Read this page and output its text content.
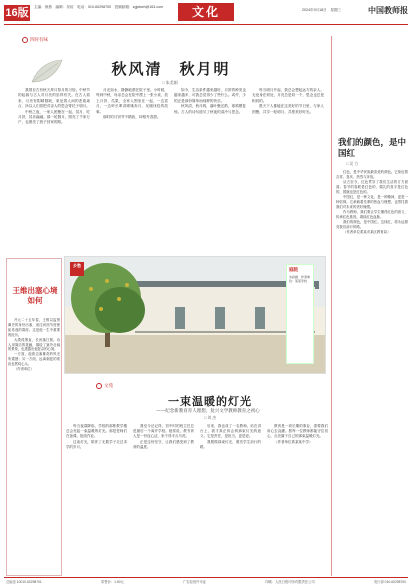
16版	主编：徐燕　编辑：吴培　电话：010-60298700　投稿邮箱：zgjsbwh@163.com	文化	2024年9月18日　星期三	中国教师报
四时有味
秋风清　秋月明
□ 朱美娟

我国自古有秋天拜月祭月的习俗。中秋节的起源与古人对月亮的崇拜有关。在古人看来，月亮有阴晴圆缺，象征着人间的悲欢离合，所以人们常把对亲人的思念寄托于明月。

中秋之夜，一家人团聚在一起，赏月、吃月饼，其乐融融。那一轮圆月，照亮了千家万户，也照亮了游子回家的路。

月光如水，静静地洒在院子里。小时候，每到中秋，母亲总会在院中摆上一张小桌，放上月饼、瓜果，全家人围坐在一起，一边赏月，一边听长辈讲嫦娥奔月、吴刚伐桂的故事。

那时的月饼并不精致，却格外香甜。

如今，生活条件越来越好，月饼的种类也越来越多，可我总觉得少了些什么。或许，少的正是那份简单而纯粹的快乐。

秋风清，秋月明，落叶聚还散，寒鸦栖复惊。古人的诗句道尽了秋夜的清冷与思念。

每当明月升起，我总会想起远方的亲人。无论身在何处，月亮总是同一个，思念也总是相同的。

愿天下人都能在这美好的节日里，与家人团聚，共享一轮明月，共度美好时光。

我们的颜色，是中国红
□ 吴 力

红色，是中华民族最喜爱的颜色。它象征着吉祥、喜庆、热烈与奔放。

从古至今，红色贯穿了我们生活的方方面面。春节的春联是红色的，婚礼的喜字是红色的，国旗也是红色的。

中国红，是一种文化，是一种精神，更是一种信仰。它承载着先辈的热血与理想，也寄托着我们对未来的美好憧憬。

作为教师，我们要让学生懂得红色的意义，传承红色基因，赓续红色血脉。

我们的颜色，是中国红。这抹红，将永远照亮我们前行的路。

（作者单位系某市某区教育局）

王维出塞心境如何

开元二十五年春，王维以监察御史的身份出塞，前往河西节度使崔希逸的幕府。这是他一生中重要的经历。

大漠孤烟直，长河落日圆。诗人用简洁的笔触，描绘了塞外壮阔的景象，也透露出他复杂的心境。

一方面，他被边塞雄奇的风光所震撼；另一方面，远离朝廷的孤寂也萦绕心头。

（作者单位）

乡愁
庭院
水彩画　作者单位：某某学校
文苑
一束温暖的灯光
——纪念新教育育人理想，复兴文学教师教育之初心
□ 刘 杰

每当夜幕降临，学校的那栋教学楼总会亮起一束温暖的灯光。那是老师们在备课、批改作业。

这束灯光，陪伴了无数学子走过求学的岁月。

我至今还记得，初中时的班主任总是最后一个离开学校。她常说，教书育人是一份良心活，来不得半点马虎。

正是这份坚守，让我们感受到了教育的温度。

后来，我也成了一名教师。站在讲台上，我才真正体会到那束灯光的意义。它是责任，是担当，更是爱。

我愿做那束灯光，照亮学生前行的路。

教育是一项长期的事业，需要我们用心去浇灌。愿每一位教师都能守住初心，点亮属于自己的那束温暖灯光。

（作者单位系某某中学）

总编室 10010-60298701	零售价：1.50元	广告经营许可证	印刷：人民日报印务有限责任公司	发行部 010-60298700
